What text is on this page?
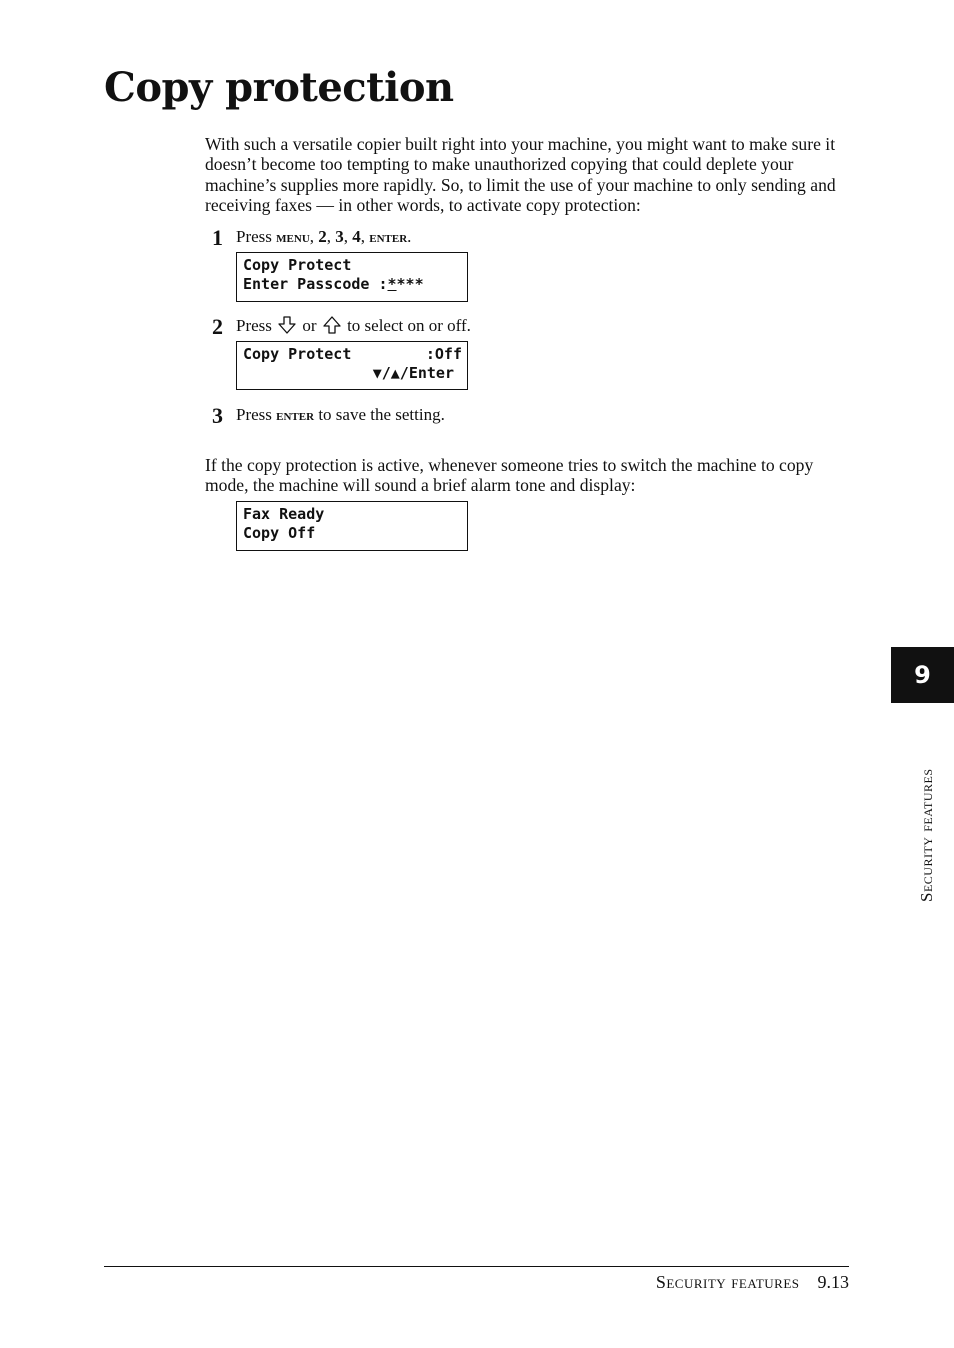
Copy protection

With such a versatile copier built right into your machine, you might want to make sure it doesn’t become too tempting to make unauthorized copying that could deplete your machine’s supplies more rapidly. So, to limit the use of your machine to only sending and receiving faxes — in other words, to activate copy protection:

1 Press menu, 2, 3, 4, enter.
Copy Protect
Enter Passcode : * ***
2 Press or to select on or off.
Copy Protect	:Off
▼/▲/Enter
3 Press enter to save the setting.

If the copy protection is active, whenever someone tries to switch the machine to copy mode, the machine will sound a brief alarm tone and display:

Fax Ready
Copy Off
9
Security features
Security features 9.13
